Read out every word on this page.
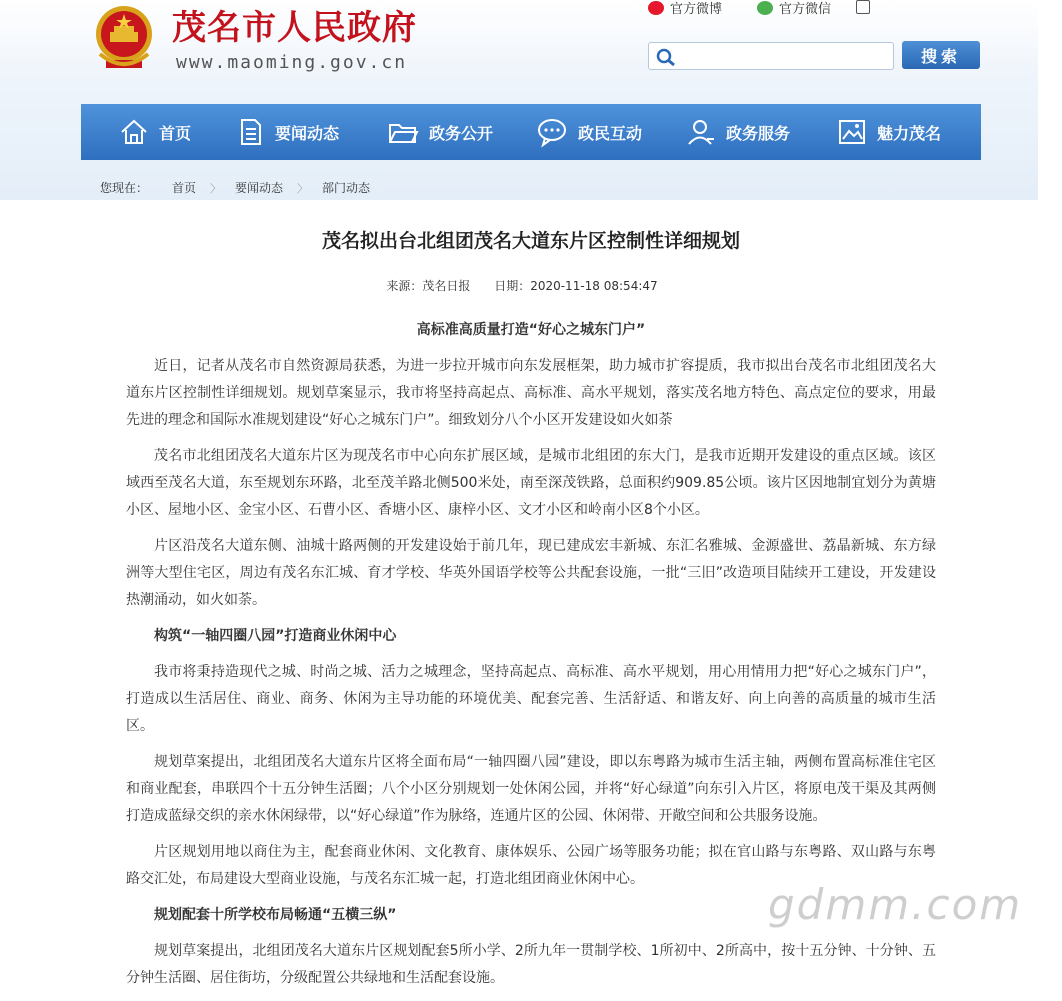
茂名市人民政府
www.maoming.gov.cn
官方微博	官方微信
搜索
首页	要闻动态	政务公开	政民互动	政务服务	魅力茂名
您现在： 首页 〉 要闻动态 〉 部门动态
茂名拟出台北组团茂名大道东片区控制性详细规划
来源：茂名日报 日期：2020-11-18 08:54:47

高标准高质量打造“好心之城东门户”

近日，记者从茂名市自然资源局获悉，为进一步拉开城市向东发展框架，助力城市扩容提质，我市拟出台茂名市北组团茂名大道东片区控制性详细规划。规划草案显示，我市将坚持高起点、高标准、高水平规划，落实茂名地方特色、高点定位的要求，用最先进的理念和国际水准规划建设“好心之城东门户”。细致划分八个小区开发建设如火如荼

茂名市北组团茂名大道东片区为现茂名市中心向东扩展区域，是城市北组团的东大门，是我市近期开发建设的重点区域。该区域西至茂名大道，东至规划东环路，北至茂羊路北侧500米处，南至深茂铁路，总面积约909.85公顷。该片区因地制宜划分为黄塘小区、屋地小区、金宝小区、石曹小区、香塘小区、康梓小区、文才小区和岭南小区8个小区。

片区沿茂名大道东侧、油城十路两侧的开发建设始于前几年，现已建成宏丰新城、东汇名雅城、金源盛世、荔晶新城、东方绿洲等大型住宅区，周边有茂名东汇城、育才学校、华英外国语学校等公共配套设施，一批“三旧”改造项目陆续开工建设，开发建设热潮涌动，如火如荼。

构筑“一轴四圈八园”打造商业休闲中心

我市将秉持造现代之城、时尚之城、活力之城理念，坚持高起点、高标准、高水平规划，用心用情用力把“好心之城东门户”，打造成以生活居住、商业、商务、休闲为主导功能的环境优美、配套完善、生活舒适、和谐友好、向上向善的高质量的城市生活区。

规划草案提出，北组团茂名大道东片区将全面布局“一轴四圈八园”建设，即以东粤路为城市生活主轴，两侧布置高标准住宅区和商业配套，串联四个十五分钟生活圈；八个小区分别规划一处休闲公园，并将“好心绿道”向东引入片区，将原电茂干渠及其两侧打造成蓝绿交织的亲水休闲绿带，以“好心绿道”作为脉络，连通片区的公园、休闲带、开敞空间和公共服务设施。

片区规划用地以商住为主，配套商业休闲、文化教育、康体娱乐、公园广场等服务功能；拟在官山路与东粤路、双山路与东粤路交汇处，布局建设大型商业设施，与茂名东汇城一起，打造北组团商业休闲中心。

规划配套十所学校布局畅通“五横三纵”

规划草案提出，北组团茂名大道东片区规划配套5所小学、2所九年一贯制学校、1所初中、2所高中，按十五分钟、十分钟、五分钟生活圈、居住街坊，分级配置公共绿地和生活配套设施。

gdmm.com
